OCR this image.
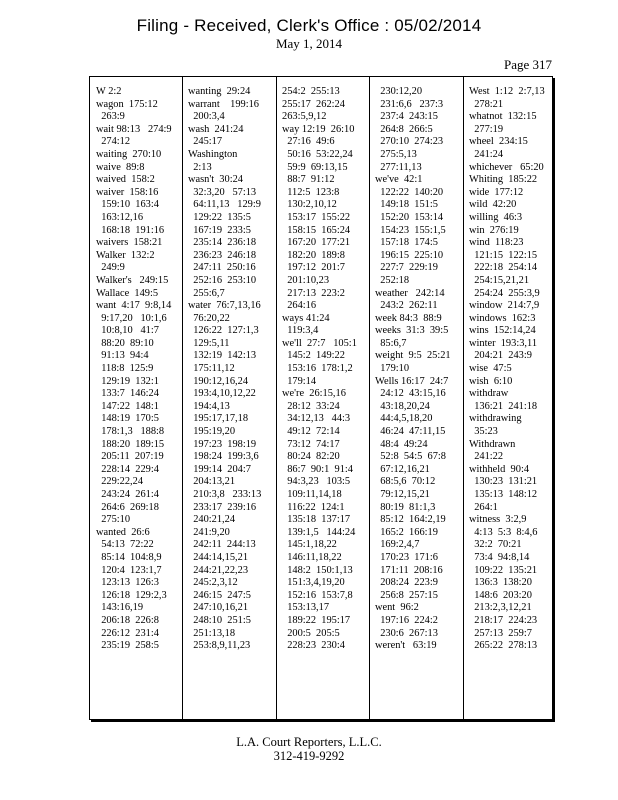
Filing - Received, Clerk's Office : 05/02/2014
May 1, 2014
Page 317
W 2:2
wagon  175:12
263:9
wait 98:13   274:9
274:12
waiting  270:10
waive  89:8
waived  158:2
waiver  158:16
159:10  163:4
163:12,16
168:18  191:16
waivers  158:21
Walker  132:2
249:9
Walker's   249:15
Wallace  149:5
want  4:17  9:8,14
9:17,20   10:1,6
10:8,10   41:7
88:20  89:10
91:13  94:4
118:8  125:9
129:19  132:1
133:7  146:24
147:22  148:1
148:19  170:5
178:1,3   188:8
188:20  189:15
205:11  207:19
228:14  229:4
229:22,24
243:24  261:4
264:6  269:18
275:10
wanted  26:6
54:13  72:22
85:14  104:8,9
120:4  123:1,7
123:13  126:3
126:18  129:2,3
143:16,19
206:18  226:8
226:12  231:4
235:19  258:5
wanting  29:24
warrant    199:16
200:3,4
wash  241:24
245:17
Washington
2:13
wasn't  30:24
32:3,20   57:13
64:11,13   129:9
129:22  135:5
167:19  233:5
235:14  236:18
236:23  246:18
247:11  250:16
252:16  253:10
255:6,7
water  76:7,13,16
76:20,22
126:22  127:1,3
129:5,11
132:19  142:13
175:11,12
190:12,16,24
193:4,10,12,22
194:4,13
195:17,17,18
195:19,20
197:23  198:19
198:24  199:3,6
199:14  204:7
204:13,21
210:3,8   233:13
233:17  239:16
240:21,24
241:9,20
242:11  244:13
244:14,15,21
244:21,22,23
245:2,3,12
246:15  247:5
247:10,16,21
248:10  251:5
251:13,18
253:8,9,11,23
254:2  255:13
255:17  262:24
263:5,9,12
way 12:19  26:10
27:16  49:6
50:16  53:22,24
59:9  69:13,15
88:7  91:12
112:5  123:8
130:2,10,12
153:17  155:22
158:15  165:24
167:20  177:21
182:20  189:8
197:12  201:7
201:10,23
217:13  223:2
264:16
ways 41:24
119:3,4
we'll  27:7   105:1
145:2  149:22
153:16  178:1,2
179:14
we're  26:15,16
28:12  33:24
34:12,13   44:3
49:12  72:14
73:12  74:17
80:24  82:20
86:7  90:1  91:4
94:3,23   103:5
109:11,14,18
116:22  124:1
135:18  137:17
139:1,5   144:24
145:1,18,22
146:11,18,22
148:2  150:1,13
151:3,4,19,20
152:16  153:7,8
153:13,17
189:22  195:17
200:5  205:5
228:23  230:4
230:12,20
231:6,6   237:3
237:4  243:15
264:8  266:5
270:10  274:23
275:5,13
277:11,13
we've  42:1
122:22  140:20
149:18  151:5
152:20  153:14
154:23  155:1,5
157:18  174:5
196:15  225:10
227:7  229:19
252:18
weather   242:14
243:2  262:11
week 84:3  88:9
weeks  31:3  39:5
85:6,7
weight  9:5  25:21
179:10
Wells 16:17  24:7
24:12  43:15,16
43:18,20,24
44:4,5,18,20
46:24  47:11,15
48:4  49:24
52:8  54:5  67:8
67:12,16,21
68:5,6  70:12
79:12,15,21
80:19  81:1,3
85:12  164:2,19
165:2  166:19
169:2,4,7
170:23  171:6
171:11  208:16
208:24  223:9
256:8  257:15
went  96:2
197:16  224:2
230:6  267:13
weren't   63:19
West  1:12  2:7,13
278:21
whatnot  132:15
277:19
wheel  234:15
241:24
whichever   65:20
Whiting  185:22
wide  177:12
wild  42:20
willing  46:3
win  276:19
wind  118:23
121:15  122:15
222:18  254:14
254:15,21,21
254:24  255:3,9
window  214:7,9
windows  162:3
wins  152:14,24
winter  193:3,11
204:21  243:9
wise  47:5
wish  6:10
withdraw
136:21  241:18
withdrawing
35:23
Withdrawn
241:22
withheld  90:4
130:23  131:21
135:13  148:12
264:1
witness  3:2,9
4:13  5:3  8:4,6
32:2  70:21
73:4  94:8,14
109:22  135:21
136:3  138:20
148:6  203:20
213:2,3,12,21
218:17  224:23
257:13  259:7
265:22  278:13
L.A. Court Reporters, L.L.C.
312-419-9292
